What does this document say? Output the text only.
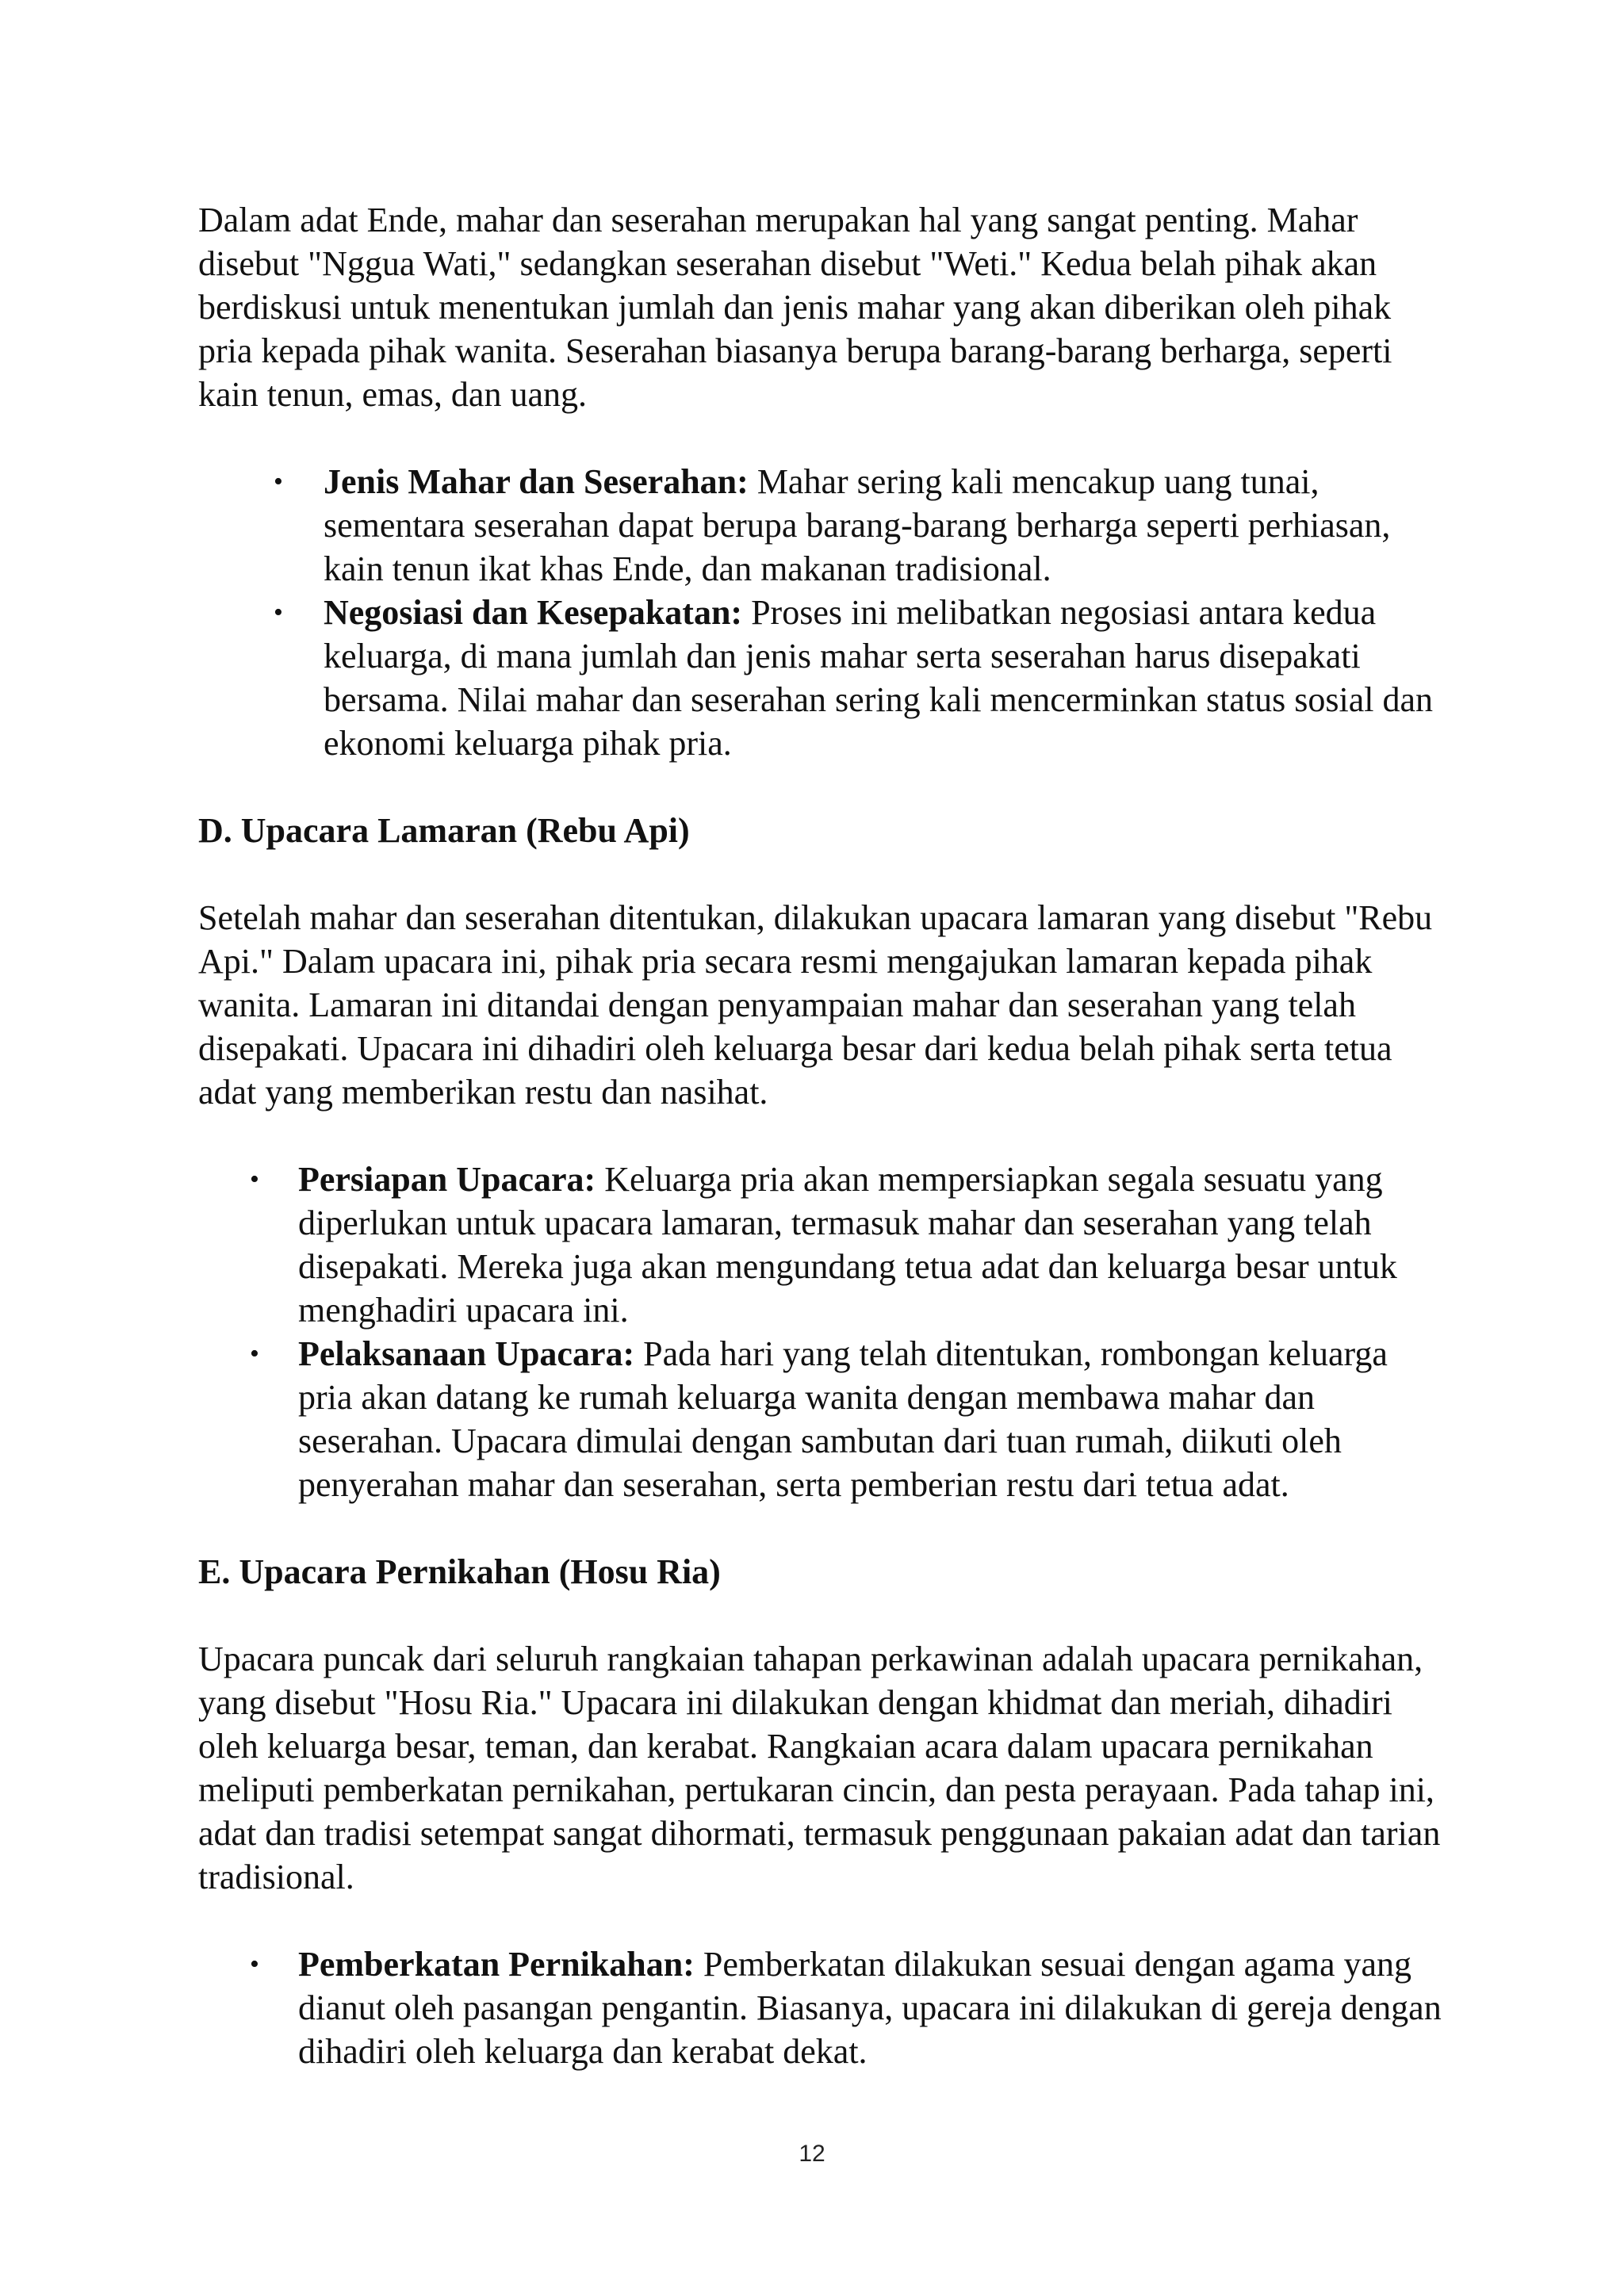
Dalam adat Ende, mahar dan seserahan merupakan hal yang sangat penting. Mahar disebut "Nggua Wati," sedangkan seserahan disebut "Weti." Kedua belah pihak akan berdiskusi untuk menentukan jumlah dan jenis mahar yang akan diberikan oleh pihak pria kepada pihak wanita. Seserahan biasanya berupa barang-barang berharga, seperti kain tenun, emas, dan uang.

• Jenis Mahar dan Seserahan: Mahar sering kali mencakup uang tunai, sementara seserahan dapat berupa barang-barang berharga seperti perhiasan, kain tenun ikat khas Ende, dan makanan tradisional.
• Negosiasi dan Kesepakatan: Proses ini melibatkan negosiasi antara kedua keluarga, di mana jumlah dan jenis mahar serta seserahan harus disepakati bersama. Nilai mahar dan seserahan sering kali mencerminkan status sosial dan ekonomi keluarga pihak pria.

D. Upacara Lamaran (Rebu Api)

Setelah mahar dan seserahan ditentukan, dilakukan upacara lamaran yang disebut "Rebu Api." Dalam upacara ini, pihak pria secara resmi mengajukan lamaran kepada pihak wanita. Lamaran ini ditandai dengan penyampaian mahar dan seserahan yang telah disepakati. Upacara ini dihadiri oleh keluarga besar dari kedua belah pihak serta tetua adat yang memberikan restu dan nasihat.

• Persiapan Upacara: Keluarga pria akan mempersiapkan segala sesuatu yang diperlukan untuk upacara lamaran, termasuk mahar dan seserahan yang telah disepakati. Mereka juga akan mengundang tetua adat dan keluarga besar untuk menghadiri upacara ini.
• Pelaksanaan Upacara: Pada hari yang telah ditentukan, rombongan keluarga pria akan datang ke rumah keluarga wanita dengan membawa mahar dan seserahan. Upacara dimulai dengan sambutan dari tuan rumah, diikuti oleh penyerahan mahar dan seserahan, serta pemberian restu dari tetua adat.

E. Upacara Pernikahan (Hosu Ria)

Upacara puncak dari seluruh rangkaian tahapan perkawinan adalah upacara pernikahan, yang disebut "Hosu Ria." Upacara ini dilakukan dengan khidmat dan meriah, dihadiri oleh keluarga besar, teman, dan kerabat. Rangkaian acara dalam upacara pernikahan meliputi pemberkatan pernikahan, pertukaran cincin, dan pesta perayaan. Pada tahap ini, adat dan tradisi setempat sangat dihormati, termasuk penggunaan pakaian adat dan tarian tradisional.

• Pemberkatan Pernikahan: Pemberkatan dilakukan sesuai dengan agama yang dianut oleh pasangan pengantin. Biasanya, upacara ini dilakukan di gereja dengan dihadiri oleh keluarga dan kerabat dekat.
12
